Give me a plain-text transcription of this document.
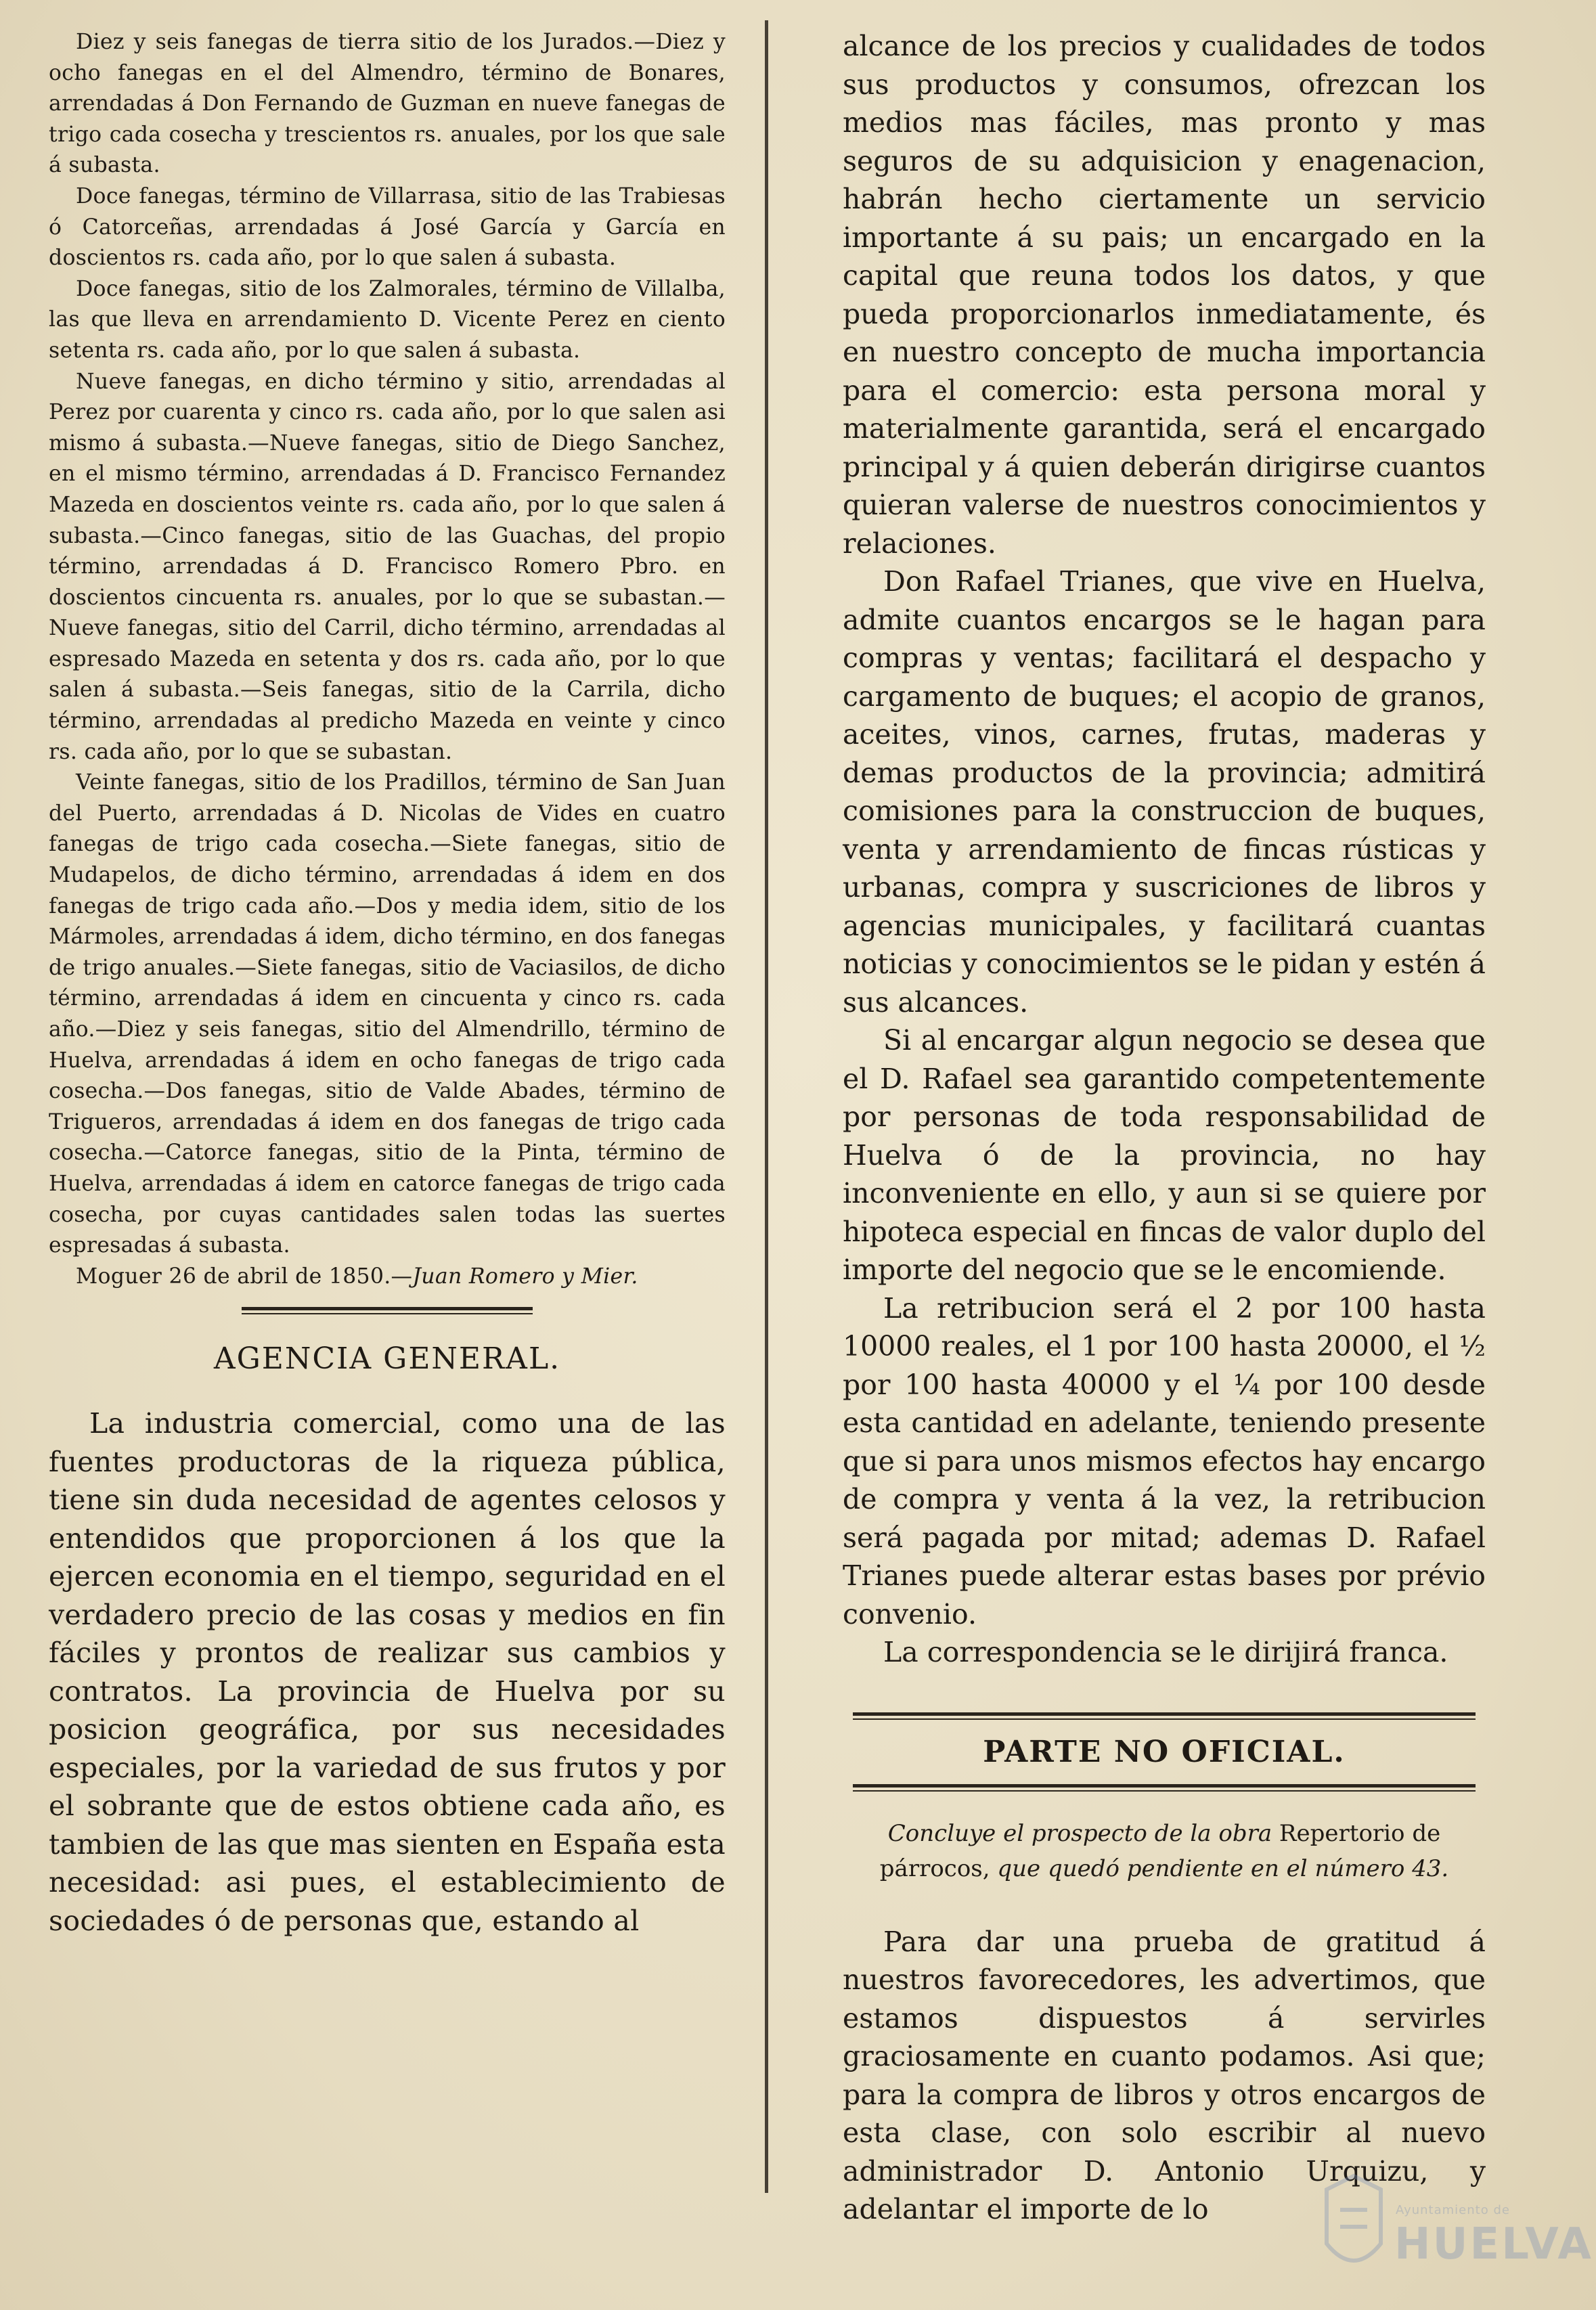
Diez y seis fanegas de tierra sitio de los Jurados.—Diez y ocho fanegas en el del Almendro, término de Bonares, arrendadas á Don Fernando de Guzman en nueve fanegas de trigo cada cosecha y trescientos rs. anuales, por los que sale á subasta.

Doce fanegas, término de Villarrasa, sitio de las Trabiesas ó Catorceñas, arrendadas á José García y García en doscientos rs. cada año, por lo que salen á subasta.

Doce fanegas, sitio de los Zalmorales, término de Villalba, las que lleva en arrendamiento D. Vicente Perez en ciento setenta rs. cada año, por lo que salen á subasta.

Nueve fanegas, en dicho término y sitio, arrendadas al Perez por cuarenta y cinco rs. cada año, por lo que salen asi mismo á subasta.—Nueve fanegas, sitio de Diego Sanchez, en el mismo término, arrendadas á D. Francisco Fernandez Mazeda en doscientos veinte rs. cada año, por lo que salen á subasta.—Cinco fanegas, sitio de las Guachas, del propio término, arrendadas á D. Francisco Romero Pbro. en doscientos cincuenta rs. anuales, por lo que se subastan.—Nueve fanegas, sitio del Carril, dicho término, arrendadas al espresado Mazeda en setenta y dos rs. cada año, por lo que salen á subasta.—Seis fanegas, sitio de la Carrila, dicho término, arrendadas al predicho Mazeda en veinte y cinco rs. cada año, por lo que se subastan.

Veinte fanegas, sitio de los Pradillos, término de San Juan del Puerto, arrendadas á D. Nicolas de Vides en cuatro fanegas de trigo cada cosecha.—Siete fanegas, sitio de Mudapelos, de dicho término, arrendadas á idem en dos fanegas de trigo cada año.—Dos y media idem, sitio de los Mármoles, arrendadas á idem, dicho término, en dos fanegas de trigo anuales.—Siete fanegas, sitio de Vaciasilos, de dicho término, arrendadas á idem en cincuenta y cinco rs. cada año.—Diez y seis fanegas, sitio del Almendrillo, término de Huelva, arrendadas á idem en ocho fanegas de trigo cada cosecha.—Dos fanegas, sitio de Valde Abades, término de Trigueros, arrendadas á idem en dos fanegas de trigo cada cosecha.—Catorce fanegas, sitio de la Pinta, término de Huelva, arrendadas á idem en catorce fanegas de trigo cada cosecha, por cuyas cantidades salen todas las suertes espresadas á subasta.

Moguer 26 de abril de 1850.—Juan Romero y Mier.

AGENCIA GENERAL.

La industria comercial, como una de las fuentes productoras de la riqueza pública, tiene sin duda necesidad de agentes celosos y entendidos que proporcionen á los que la ejercen economia en el tiempo, seguridad en el verdadero precio de las cosas y medios en fin fáciles y prontos de realizar sus cambios y contratos. La provincia de Huelva por su posicion geográfica, por sus necesidades especiales, por la variedad de sus frutos y por el sobrante que de estos obtiene cada año, es tambien de las que mas sienten en España esta necesidad: asi pues, el establecimiento de sociedades ó de personas que, estando al

alcance de los precios y cualidades de todos sus productos y consumos, ofrezcan los medios mas fáciles, mas pronto y mas seguros de su adquisicion y enagenacion, habrán hecho ciertamente un servicio importante á su pais; un encargado en la capital que reuna todos los datos, y que pueda proporcionarlos inmediatamente, és en nuestro concepto de mucha importancia para el comercio: esta persona moral y materialmente garantida, será el encargado principal y á quien deberán dirigirse cuantos quieran valerse de nuestros conocimientos y relaciones.

Don Rafael Trianes, que vive en Huelva, admite cuantos encargos se le hagan para compras y ventas; facilitará el despacho y cargamento de buques; el acopio de granos, aceites, vinos, carnes, frutas, maderas y demas productos de la provincia; admitirá comisiones para la construccion de buques, venta y arrendamiento de fincas rústicas y urbanas, compra y suscriciones de libros y agencias municipales, y facilitará cuantas noticias y conocimientos se le pidan y estén á sus alcances.

Si al encargar algun negocio se desea que el D. Rafael sea garantido competentemente por personas de toda responsabilidad de Huelva ó de la provincia, no hay inconveniente en ello, y aun si se quiere por hipoteca especial en fincas de valor duplo del importe del negocio que se le encomiende.

La retribucion será el 2 por 100 hasta 10000 reales, el 1 por 100 hasta 20000, el ½ por 100 hasta 40000 y el ¼ por 100 desde esta cantidad en adelante, teniendo presente que si para unos mismos efectos hay encargo de compra y venta á la vez, la retribucion será pagada por mitad; ademas D. Rafael Trianes puede alterar estas bases por prévio convenio.

La correspondencia se le dirijirá franca.

PARTE NO OFICIAL.

Concluye el prospecto de la obra Repertorio de párrocos, que quedó pendiente en el número 43.

Para dar una prueba de gratitud á nuestros favorecedores, les advertimos, que estamos dispuestos á servirles graciosamente en cuanto podamos. Asi que; para la compra de libros y otros encargos de esta clase, con solo escribir al nuevo administrador D. Antonio Urquizu, y adelantar el importe de lo	Ayuntamiento de
HUELVA
